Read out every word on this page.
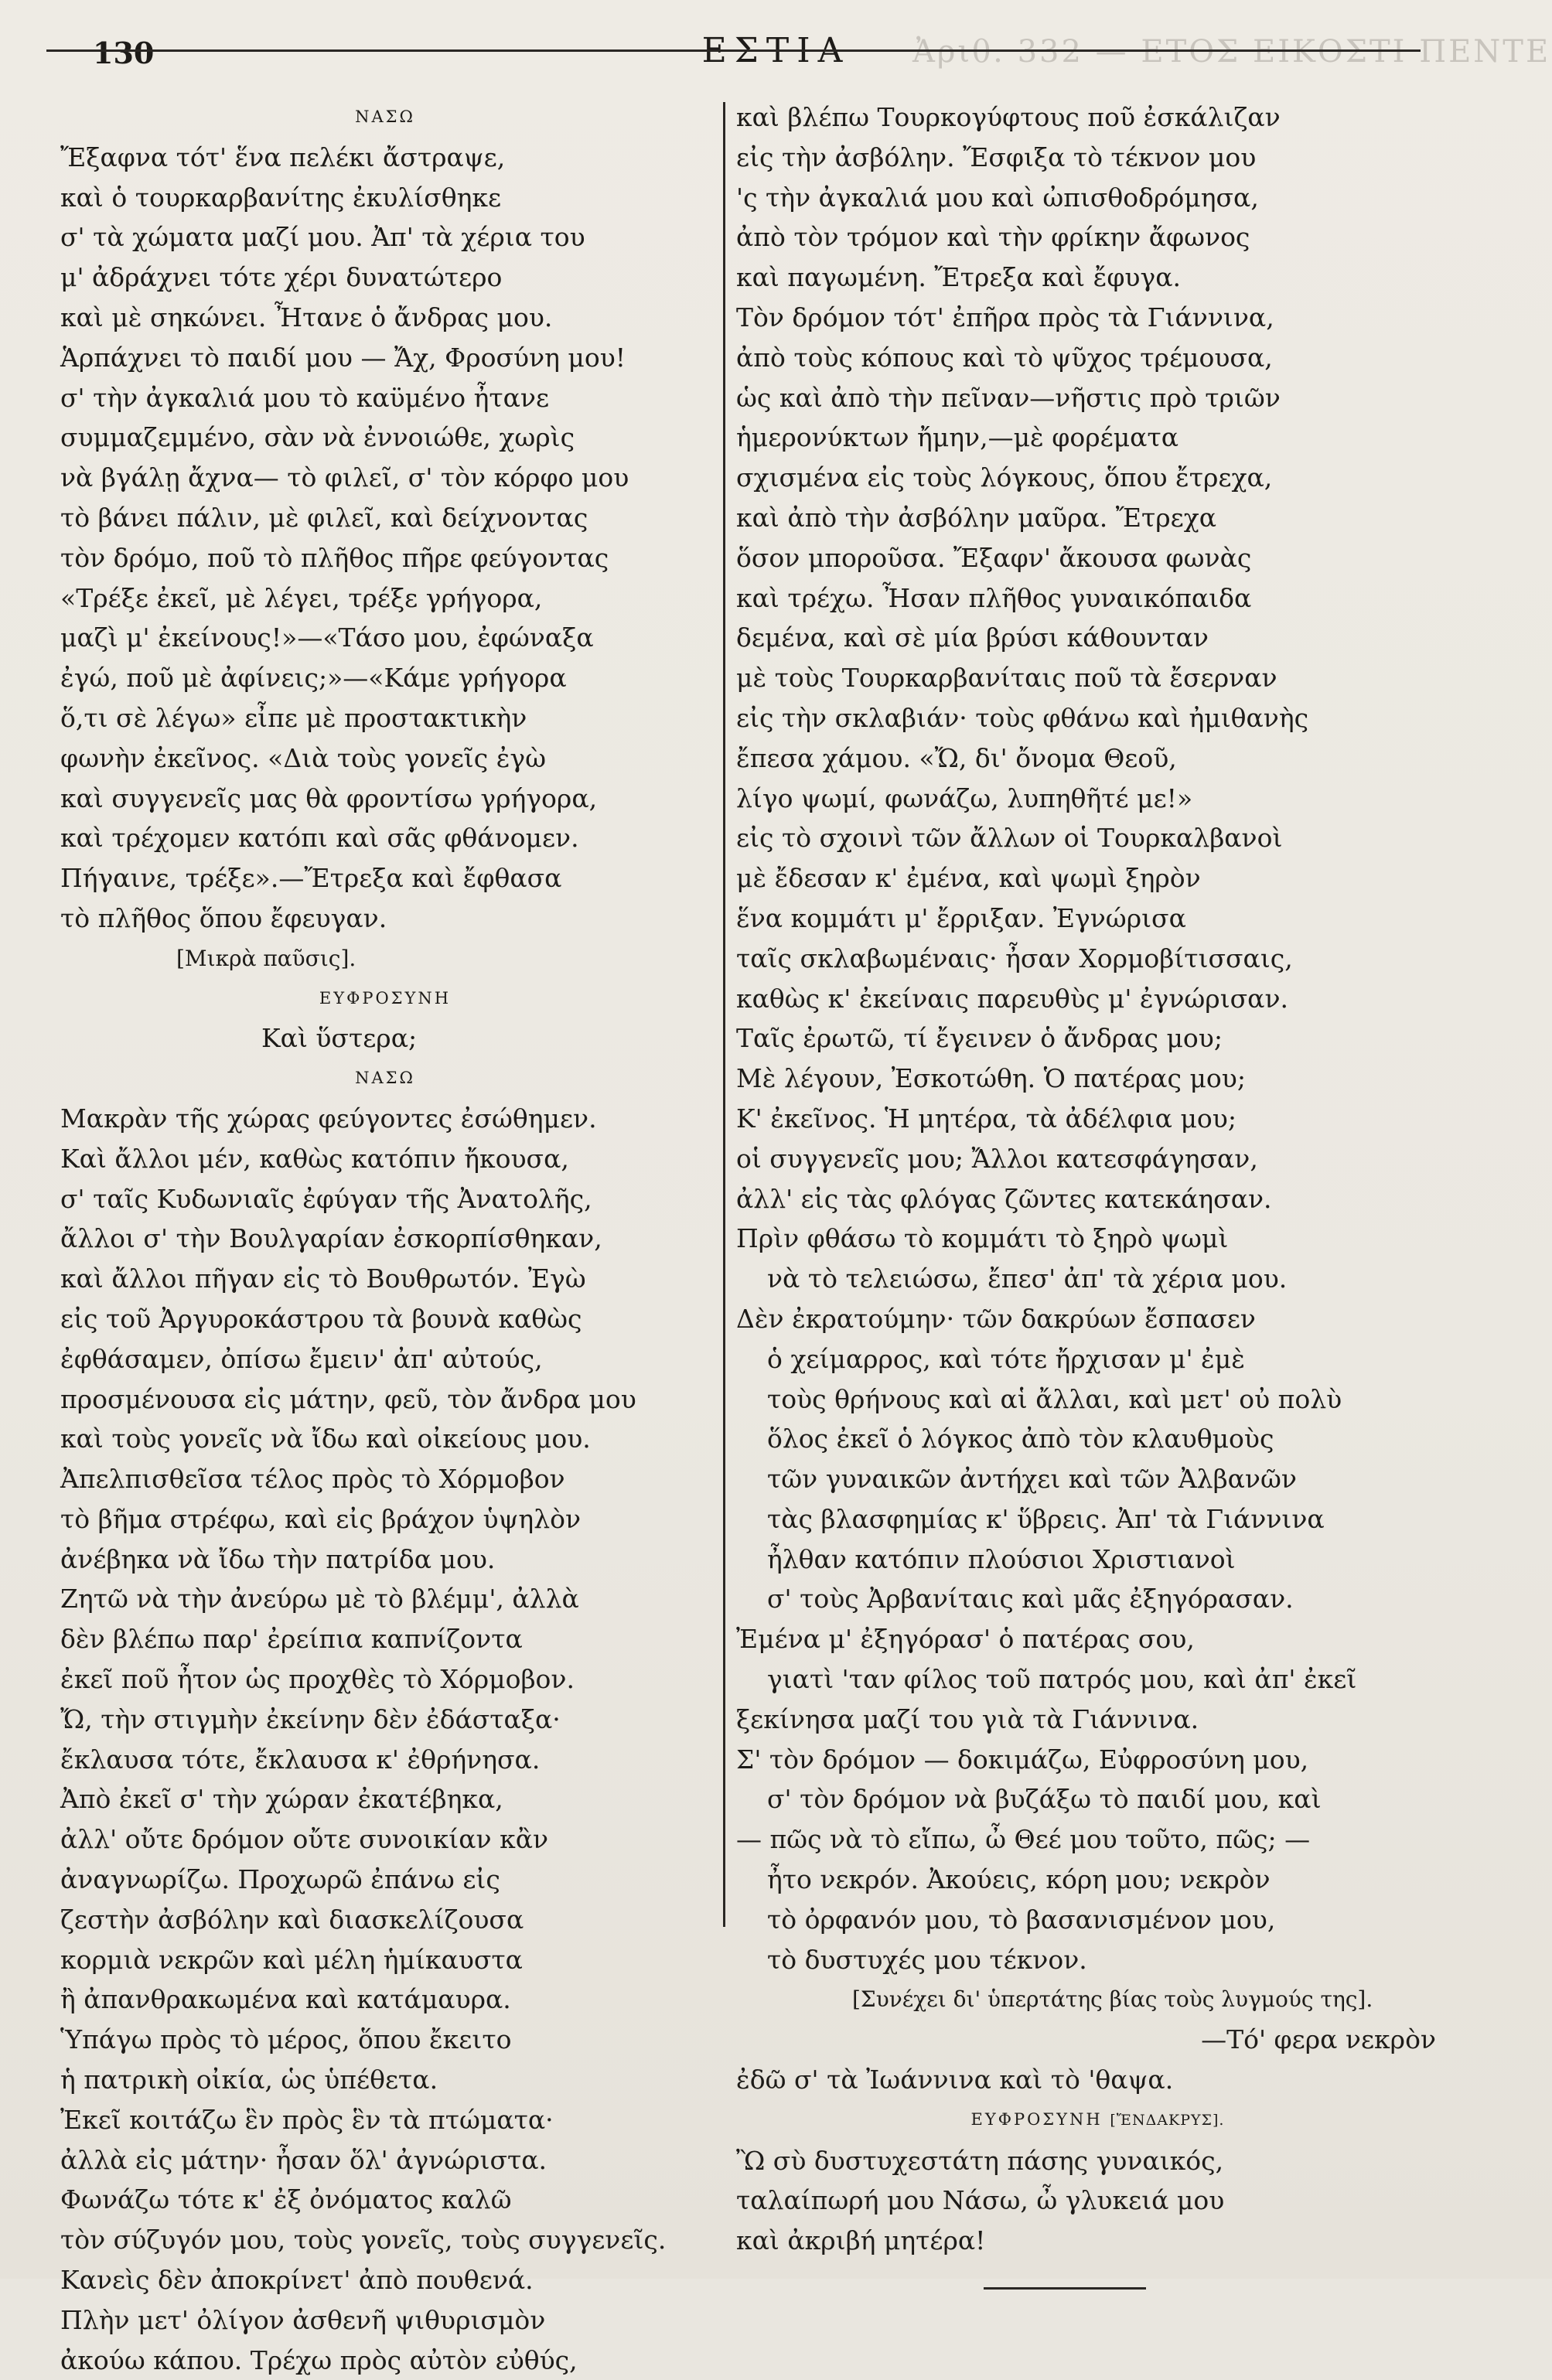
130	ΕΣΤΙΑ	Ἀριθ. 332 — ΕΤΟΣ ΕΙΚΟΣΤΙ ΠΕΝΤΕ
ΝΑΣΩ
Ἔξαφνα τότ' ἕνα πελέκι ἄστραψε,
καὶ ὁ τουρκαρβανίτης ἐκυλίσθηκε
σ' τὰ χώματα μαζί μου. Ἀπ' τὰ χέρια του
μ' ἀδράχνει τότε χέρι δυνατώτερο
καὶ μὲ σηκώνει. Ἦτανε ὁ ἄνδρας μου.
Ἁρπάχνει τὸ παιδί μου — Ἄχ, Φροσύνη μου!
σ' τὴν ἀγκαλιά μου τὸ καϋμένο ἦτανε
συμμαζεμμένο, σὰν νὰ ἐννοιώθε, χωρὶς
νὰ βγάλῃ ἄχνα— τὸ φιλεῖ, σ' τὸν κόρφο μου
τὸ βάνει πάλιν, μὲ φιλεῖ, καὶ δείχνοντας
τὸν δρόμο, ποῦ τὸ πλῆθος πῆρε φεύγοντας
«Τρέξε ἐκεῖ, μὲ λέγει, τρέξε γρήγορα,
μαζὶ μ' ἐκείνους!»—«Τάσο μου, ἐφώναξα
ἐγώ, ποῦ μὲ ἀφίνεις;»—«Κάμε γρήγορα
ὅ,τι σὲ λέγω» εἶπε μὲ προστακτικὴν
φωνὴν ἐκεῖνος. «Διὰ τοὺς γονεῖς ἐγὼ
καὶ συγγενεῖς μας θὰ φροντίσω γρήγορα,
καὶ τρέχομεν κατόπι καὶ σᾶς φθάνομεν.
Πήγαινε, τρέξε».—Ἔτρεξα καὶ ἔφθασα
τὸ πλῆθος ὅπου ἔφευγαν.
[Μικρὰ παῦσις].
ΕΥΦΡΟΣΥΝΗ
Καὶ ὕστερα;
ΝΑΣΩ
Μακρὰν τῆς χώρας φεύγοντες ἐσώθημεν.
Καὶ ἄλλοι μέν, καθὼς κατόπιν ἤκουσα,
σ' ταῖς Κυδωνιαῖς ἐφύγαν τῆς Ἀνατολῆς,
ἄλλοι σ' τὴν Βουλγαρίαν ἐσκορπίσθηκαν,
καὶ ἄλλοι πῆγαν εἰς τὸ Βουθρωτόν. Ἐγὼ
εἰς τοῦ Ἀργυροκάστρου τὰ βουνὰ καθὼς
ἐφθάσαμεν, ὀπίσω ἔμειν' ἀπ' αὐτούς,
προσμένουσα εἰς μάτην, φεῦ, τὸν ἄνδρα μου
καὶ τοὺς γονεῖς νὰ ἴδω καὶ οἰκείους μου.
Ἀπελπισθεῖσα τέλος πρὸς τὸ Χόρμοβον
τὸ βῆμα στρέφω, καὶ εἰς βράχον ὑψηλὸν
ἀνέβηκα νὰ ἴδω τὴν πατρίδα μου.
Ζητῶ νὰ τὴν ἀνεύρω μὲ τὸ βλέμμ', ἀλλὰ
δὲν βλέπω παρ' ἐρείπια καπνίζοντα
ἐκεῖ ποῦ ἦτον ὡς προχθὲς τὸ Χόρμοβον.
Ὤ, τὴν στιγμὴν ἐκείνην δὲν ἐδάσταξα·
ἔκλαυσα τότε, ἔκλαυσα κ' ἐθρήνησα.
Ἀπὸ ἐκεῖ σ' τὴν χώραν ἐκατέβηκα,
ἀλλ' οὔτε δρόμον οὔτε συνοικίαν κἂν
ἀναγνωρίζω. Προχωρῶ ἐπάνω εἰς
ζεστὴν ἀσβόλην καὶ διασκελίζουσα
κορμιὰ νεκρῶν καὶ μέλη ἡμίκαυστα
ἢ ἀπανθρακωμένα καὶ κατάμαυρα.
Ὑπάγω πρὸς τὸ μέρος, ὅπου ἔκειτο
ἡ πατρικὴ οἰκία, ὡς ὑπέθετα.
Ἐκεῖ κοιτάζω ἓν πρὸς ἓν τὰ πτώματα·
ἀλλὰ εἰς μάτην· ἦσαν ὅλ' ἀγνώριστα.
Φωνάζω τότε κ' ἐξ ὀνόματος καλῶ
τὸν σύζυγόν μου, τοὺς γονεῖς, τοὺς συγγενεῖς.
Κανεὶς δὲν ἀποκρίνετ' ἀπὸ πουθενά.
Πλὴν μετ' ὀλίγον ἀσθενῆ ψιθυρισμὸν
ἀκούω κάπου. Τρέχω πρὸς αὐτὸν εὐθύς,
καὶ βλέπω Τουρκογύφτους ποῦ ἐσκάλιζαν
εἰς τὴν ἀσβόλην. Ἔσφιξα τὸ τέκνον μου
'ς τὴν ἀγκαλιά μου καὶ ὠπισθοδρόμησα,
ἀπὸ τὸν τρόμον καὶ τὴν φρίκην ἄφωνος
καὶ παγωμένη. Ἔτρεξα καὶ ἔφυγα.
Τὸν δρόμον τότ' ἐπῆρα πρὸς τὰ Γιάννινα,
ἀπὸ τοὺς κόπους καὶ τὸ ψῦχος τρέμουσα,
ὡς καὶ ἀπὸ τὴν πεῖναν—νῆστις πρὸ τριῶν
ἡμερονύκτων ἤμην,—μὲ φορέματα
σχισμένα εἰς τοὺς λόγκους, ὅπου ἔτρεχα,
καὶ ἀπὸ τὴν ἀσβόλην μαῦρα. Ἔτρεχα
ὅσον μποροῦσα. Ἔξαφν' ἄκουσα φωνὰς
καὶ τρέχω. Ἦσαν πλῆθος γυναικόπαιδα
δεμένα, καὶ σὲ μία βρύσι κάθουνταν
μὲ τοὺς Τουρκαρβανίταις ποῦ τὰ ἔσερναν
εἰς τὴν σκλαβιάν· τοὺς φθάνω καὶ ἠμιθανὴς
ἔπεσα χάμου. «Ὤ, δι' ὄνομα Θεοῦ,
λίγο ψωμί, φωνάζω, λυπηθῆτέ με!»
εἰς τὸ σχοινὶ τῶν ἄλλων οἱ Τουρκαλβανοὶ
μὲ ἔδεσαν κ' ἐμένα, καὶ ψωμὶ ξηρὸν
ἕνα κομμάτι μ' ἔρριξαν. Ἐγνώρισα
ταῖς σκλαβωμέναις· ἦσαν Χορμοβίτισσαις,
καθὼς κ' ἐκείναις παρευθὺς μ' ἐγνώρισαν.
Ταῖς ἐρωτῶ, τί ἔγεινεν ὁ ἄνδρας μου;
Μὲ λέγουν, Ἐσκοτώθη. Ὁ πατέρας μου;
Κ' ἐκεῖνος. Ἡ μητέρα, τὰ ἀδέλφια μου;
οἱ συγγενεῖς μου; Ἄλλοι κατεσφάγησαν,
ἀλλ' εἰς τὰς φλόγας ζῶντες κατεκάησαν.
Πρὶν φθάσω τὸ κομμάτι τὸ ξηρὸ ψωμὶ
νὰ τὸ τελειώσω, ἔπεσ' ἀπ' τὰ χέρια μου.
Δὲν ἐκρατούμην· τῶν δακρύων ἔσπασεν
ὁ χείμαρρος, καὶ τότε ἤρχισαν μ' ἐμὲ
τοὺς θρήνους καὶ αἱ ἄλλαι, καὶ μετ' οὐ πολὺ
ὅλος ἐκεῖ ὁ λόγκος ἀπὸ τὸν κλαυθμοὺς
τῶν γυναικῶν ἀντήχει καὶ τῶν Ἀλβανῶν
τὰς βλασφημίας κ' ὕβρεις. Ἀπ' τὰ Γιάννινα
ἦλθαν κατόπιν πλούσιοι Χριστιανοὶ
σ' τοὺς Ἀρβανίταις καὶ μᾶς ἐξηγόρασαν.
Ἐμένα μ' ἐξηγόρασ' ὁ πατέρας σου,
γιατὶ 'ταν φίλος τοῦ πατρός μου, καὶ ἀπ' ἐκεῖ
ξεκίνησα μαζί του γιὰ τὰ Γιάννινα.
Σ' τὸν δρόμον — δοκιμάζω, Εὐφροσύνη μου,
σ' τὸν δρόμον νὰ βυζάξω τὸ παιδί μου, καὶ
— πῶς νὰ τὸ εἴπω, ὦ Θεέ μου τοῦτο, πῶς; —
ἦτο νεκρόν. Ἀκούεις, κόρη μου; νεκρὸν
τὸ ὀρφανόν μου, τὸ βασανισμένον μου,
τὸ δυστυχές μου τέκνον.
[Συνέχει δι' ὑπερτάτης βίας τοὺς λυγμούς της].
—Τό' φερα νεκρὸν
ἐδῶ σ' τὰ Ἰωάννινα καὶ τὸ 'θαψα.
ΕΥΦΡΟΣΥΝΗ [ἜΝΔΑΚΡΥΣ].
Ὢ σὺ δυστυχεστάτη πάσης γυναικός,
ταλαίπωρή μου Νάσω, ὦ γλυκειά μου
καὶ ἀκριβή μητέρα!
